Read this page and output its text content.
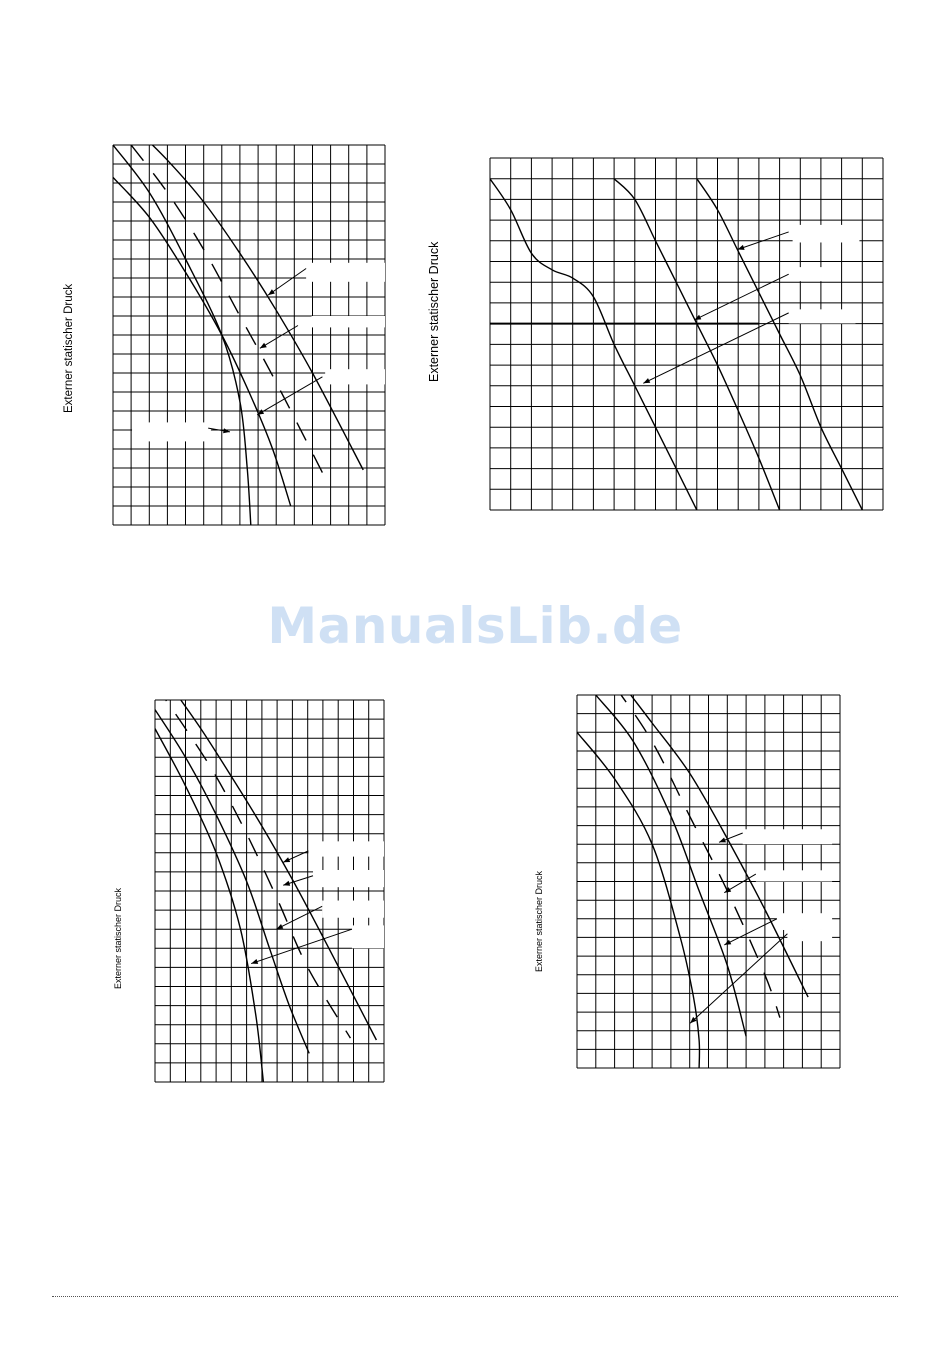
ManualsLib.de
Externer statischer Druck	Externer statischer Druck
Externer statischer Druck	Externer statischer Druck
